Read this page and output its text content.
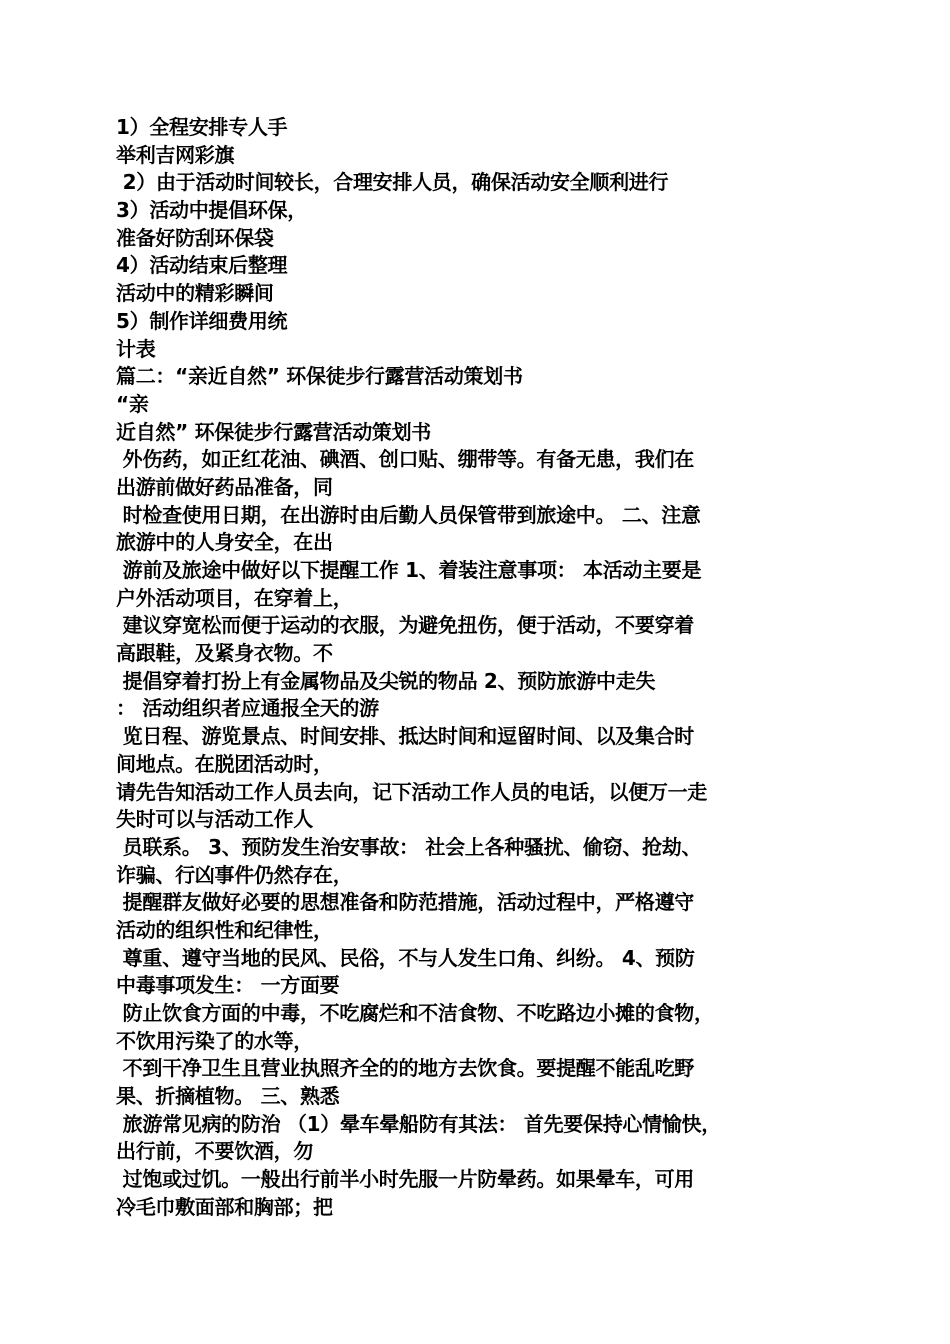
1）全程安排专人手
举利吉网彩旗
2）由于活动时间较长，合理安排人员，确保活动安全顺利进行
3）活动中提倡环保，
准备好防刮环保袋
4）活动结束后整理
活动中的精彩瞬间
5）制作详细费用统
计表
篇二：“亲近自然” 环保徒步行露营活动策划书
“亲
近自然” 环保徒步行露营活动策划书
外伤药，如正红花油、碘酒、创口贴、绷带等。有备无患，我们在
出游前做好药品准备，同
时检查使用日期，在出游时由后勤人员保管带到旅途中。 二、注意
旅游中的人身安全，在出
游前及旅途中做好以下提醒工作 1、着装注意事项： 本活动主要是
户外活动项目，在穿着上，
建议穿宽松而便于运动的衣服，为避免扭伤，便于活动，不要穿着
高跟鞋，及紧身衣物。不
提倡穿着打扮上有金属物品及尖锐的物品 2、预防旅游中走失
： 活动组织者应通报全天的游
览日程、游览景点、时间安排、抵达时间和逗留时间、以及集合时
间地点。在脱团活动时，
请先告知活动工作人员去向，记下活动工作人员的电话，以便万一走
失时可以与活动工作人
员联系。 3、预防发生治安事故： 社会上各种骚扰、偷窃、抢劫、
诈骗、行凶事件仍然存在，
提醒群友做好必要的思想准备和防范措施，活动过程中，严格遵守
活动的组织性和纪律性，
尊重、遵守当地的民风、民俗，不与人发生口角、纠纷。 4、预防
中毒事项发生： 一方面要
防止饮食方面的中毒，不吃腐烂和不洁食物、不吃路边小摊的食物，
不饮用污染了的水等，
不到干净卫生且营业执照齐全的的地方去饮食。要提醒不能乱吃野
果、折摘植物。 三、熟悉
旅游常见病的防治 （1）晕车晕船防有其法： 首先要保持心情愉快，
出行前，不要饮酒，勿
过饱或过饥。一般出行前半小时先服一片防晕药。如果晕车，可用
冷毛巾敷面部和胸部；把
